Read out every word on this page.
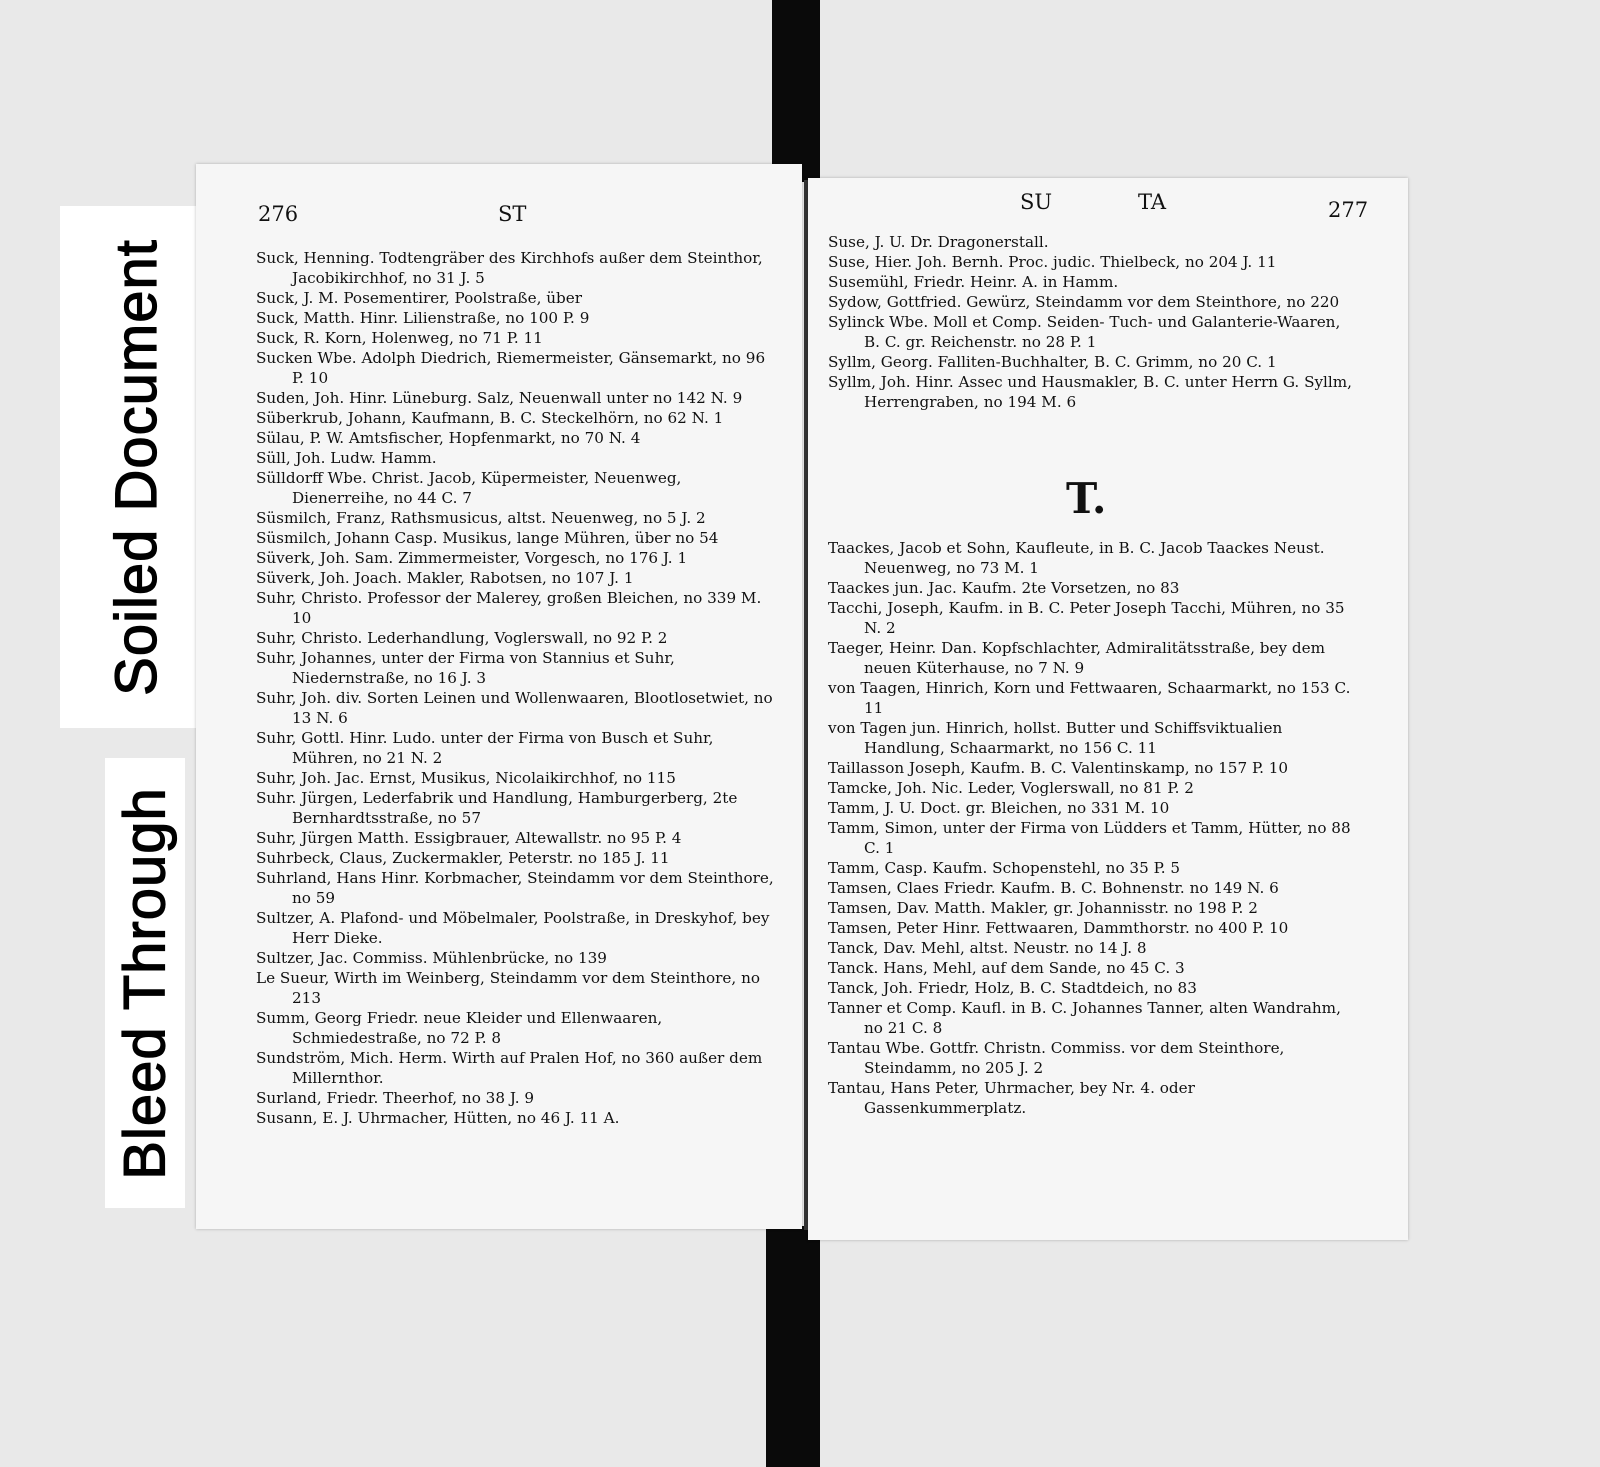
Soiled Document
Bleed Through
276	ST

Suck, Henning. Todtengräber des Kirchhofs außer dem Steinthor, Jacobikirchhof, no 31 J. 5

Suck, J. M. Posementirer, Poolstraße, über

Suck, Matth. Hinr. Lilienstraße, no 100 P. 9

Suck, R. Korn, Holenweg, no 71 P. 11

Sucken Wbe. Adolph Diedrich, Riemermeister, Gänsemarkt, no 96 P. 10

Suden, Joh. Hinr. Lüneburg. Salz, Neuenwall unter no 142 N. 9

Süberkrub, Johann, Kaufmann, B. C. Steckelhörn, no 62 N. 1

Sülau, P. W. Amtsfischer, Hopfenmarkt, no 70 N. 4

Süll, Joh. Ludw. Hamm.

Sülldorff Wbe. Christ. Jacob, Küpermeister, Neuenweg, Dienerreihe, no 44 C. 7

Süsmilch, Franz, Rathsmusicus, altst. Neuenweg, no 5 J. 2

Süsmilch, Johann Casp. Musikus, lange Mühren, über no 54

Süverk, Joh. Sam. Zimmermeister, Vorgesch, no 176 J. 1

Süverk, Joh. Joach. Makler, Rabotsen, no 107 J. 1

Suhr, Christo. Professor der Malerey, großen Bleichen, no 339 M. 10

Suhr, Christo. Lederhandlung, Voglerswall, no 92 P. 2

Suhr, Johannes, unter der Firma von Stannius et Suhr, Niedernstraße, no 16 J. 3

Suhr, Joh. div. Sorten Leinen und Wollenwaaren, Blootlosetwiet, no 13 N. 6

Suhr, Gottl. Hinr. Ludo. unter der Firma von Busch et Suhr, Mühren, no 21 N. 2

Suhr, Joh. Jac. Ernst, Musikus, Nicolaikirchhof, no 115

Suhr. Jürgen, Lederfabrik und Handlung, Hamburgerberg, 2te Bernhardtsstraße, no 57

Suhr, Jürgen Matth. Essigbrauer, Altewallstr. no 95 P. 4

Suhrbeck, Claus, Zuckermakler, Peterstr. no 185 J. 11

Suhrland, Hans Hinr. Korbmacher, Steindamm vor dem Steinthore, no 59

Sultzer, A. Plafond- und Möbelmaler, Poolstraße, in Dreskyhof, bey Herr Dieke.

Sultzer, Jac. Commiss. Mühlenbrücke, no 139

Le Sueur, Wirth im Weinberg, Steindamm vor dem Steinthore, no 213

Summ, Georg Friedr. neue Kleider und Ellenwaaren, Schmiedestraße, no 72 P. 8

Sundström, Mich. Herm. Wirth auf Pralen Hof, no 360 außer dem Millernthor.

Surland, Friedr. Theerhof, no 38 J. 9

Susann, E. J. Uhrmacher, Hütten, no 46 J. 11 A.

SU	TA	277

Suse, J. U. Dr. Dragonerstall.

Suse, Hier. Joh. Bernh. Proc. judic. Thielbeck, no 204 J. 11

Susemühl, Friedr. Heinr. A. in Hamm.

Sydow, Gottfried. Gewürz, Steindamm vor dem Steinthore, no 220

Sylinck Wbe. Moll et Comp. Seiden- Tuch- und Galanterie-Waaren, B. C. gr. Reichenstr. no 28 P. 1

Syllm, Georg. Falliten-Buchhalter, B. C. Grimm, no 20 C. 1

Syllm, Joh. Hinr. Assec und Hausmakler, B. C. unter Herrn G. Syllm, Herrengraben, no 194 M. 6

T.

Taackes, Jacob et Sohn, Kaufleute, in B. C. Jacob Taackes Neust. Neuenweg, no 73 M. 1

Taackes jun. Jac. Kaufm. 2te Vorsetzen, no 83

Tacchi, Joseph, Kaufm. in B. C. Peter Joseph Tacchi, Mühren, no 35 N. 2

Taeger, Heinr. Dan. Kopfschlachter, Admiralitätsstraße, bey dem neuen Küterhause, no 7 N. 9

von Taagen, Hinrich, Korn und Fettwaaren, Schaarmarkt, no 153 C. 11

von Tagen jun. Hinrich, hollst. Butter und Schiffsviktualien Handlung, Schaarmarkt, no 156 C. 11

Taillasson Joseph, Kaufm. B. C. Valentinskamp, no 157 P. 10

Tamcke, Joh. Nic. Leder, Voglerswall, no 81 P. 2

Tamm, J. U. Doct. gr. Bleichen, no 331 M. 10

Tamm, Simon, unter der Firma von Lüdders et Tamm, Hütter, no 88 C. 1

Tamm, Casp. Kaufm. Schopenstehl, no 35 P. 5

Tamsen, Claes Friedr. Kaufm. B. C. Bohnenstr. no 149 N. 6

Tamsen, Dav. Matth. Makler, gr. Johannisstr. no 198 P. 2

Tamsen, Peter Hinr. Fettwaaren, Dammthorstr. no 400 P. 10

Tanck, Dav. Mehl, altst. Neustr. no 14 J. 8

Tanck. Hans, Mehl, auf dem Sande, no 45 C. 3

Tanck, Joh. Friedr, Holz, B. C. Stadtdeich, no 83

Tanner et Comp. Kaufl. in B. C. Johannes Tanner, alten Wandrahm, no 21 C. 8

Tantau Wbe. Gottfr. Christn. Commiss. vor dem Steinthore, Steindamm, no 205 J. 2

Tantau, Hans Peter, Uhrmacher, bey Nr. 4. oder Gassenkummerplatz.
